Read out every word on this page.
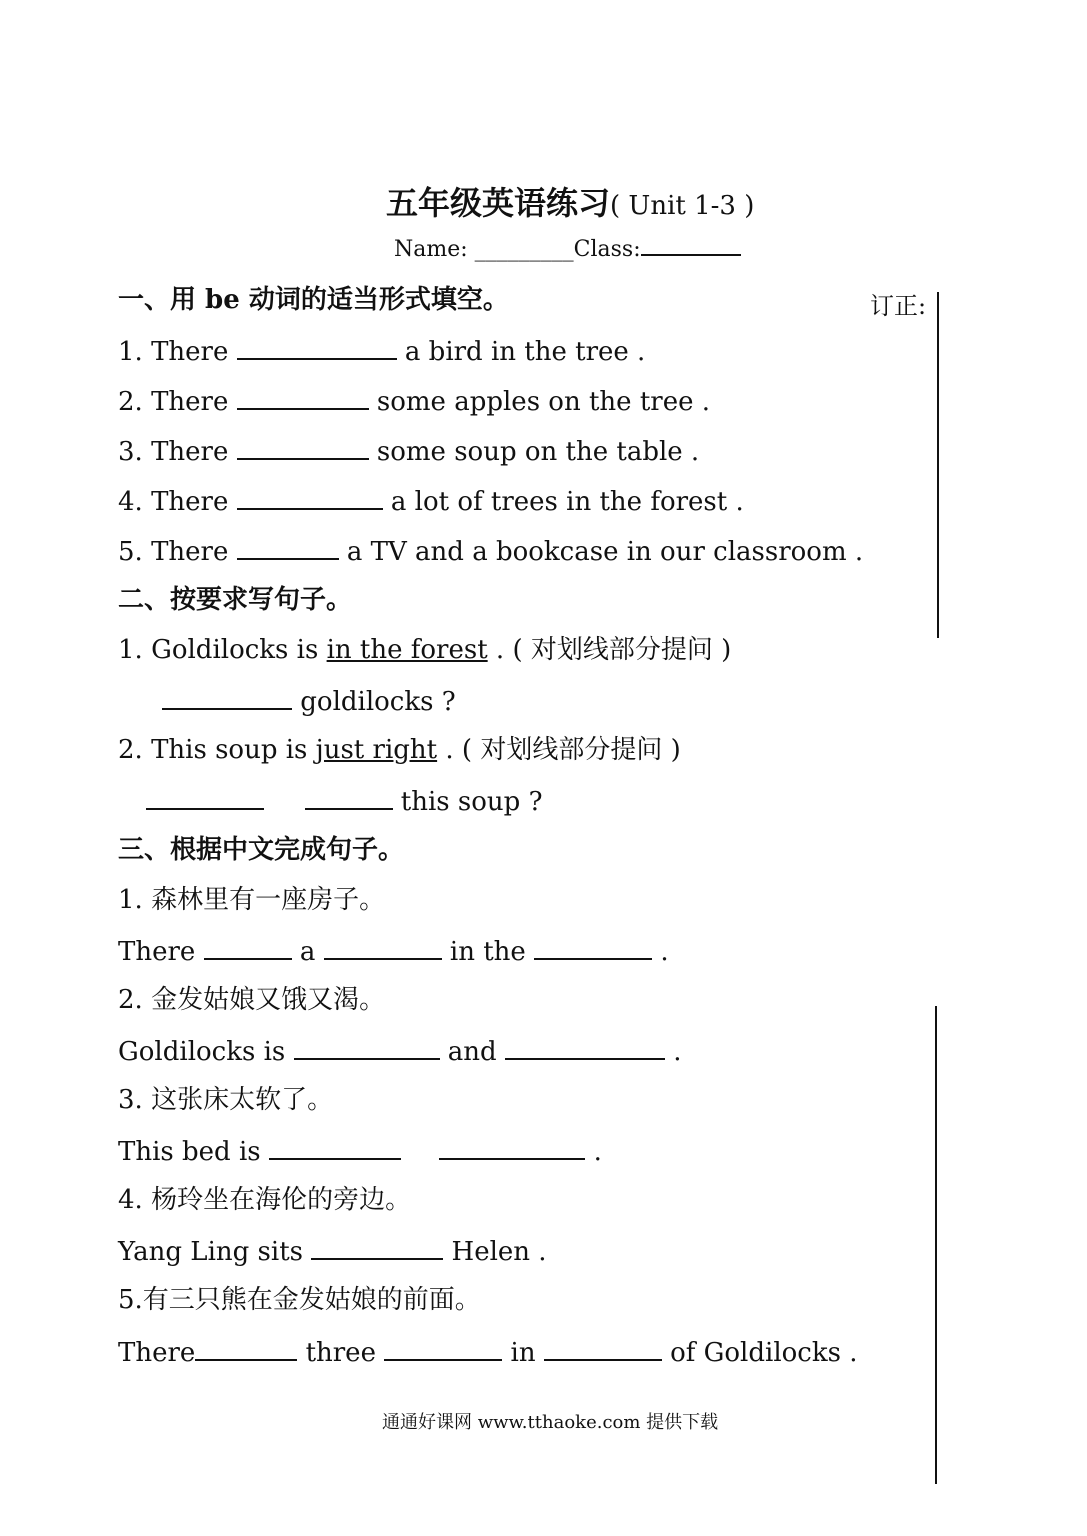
五年级英语练习( Unit 1-3 )
Name: _________Class:
订正:
一、用 be 动词的适当形式填空。
1. There	a bird in the tree .
2. There	some apples on the tree .
3. There	some soup on the table .
4. There	a lot of trees in the forest .
5. There	a TV and a bookcase in our classroom .
二、按要求写句子。
1. Goldilocks is in the forest . ( 对划线部分提问 )
goldilocks ?
2. This soup is just right . ( 对划线部分提问 )
this soup ?
三、根据中文完成句子。
1. 森林里有一座房子。
There	a	in the	.
2. 金发姑娘又饿又渴。
Goldilocks is	and	.
3. 这张床太软了。
This bed is	.
4. 杨玲坐在海伦的旁边。
Yang Ling sits	Helen .
5.有三只熊在金发姑娘的前面。
There	three	in	of Goldilocks .
通通好课网 www.tthaoke.com 提供下载
